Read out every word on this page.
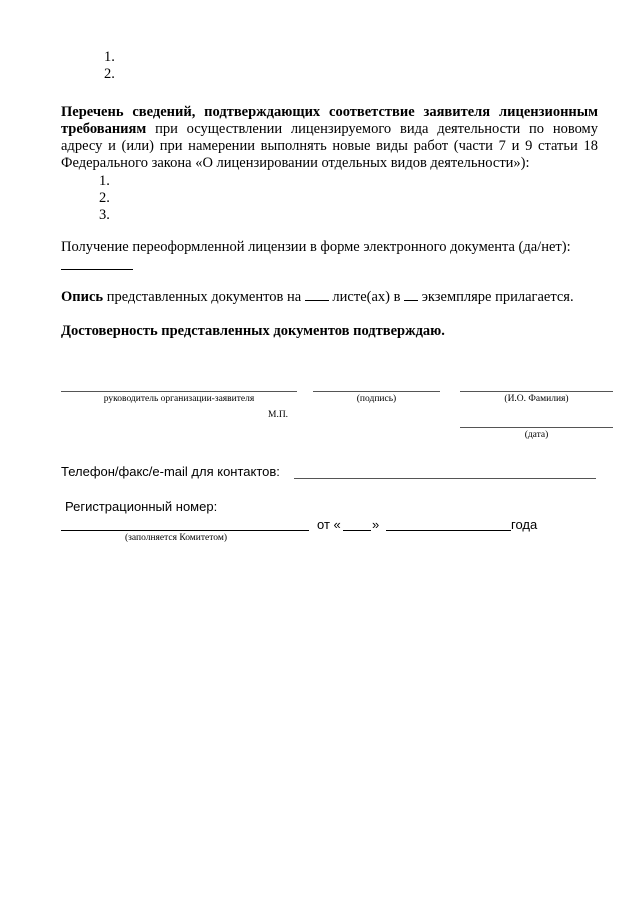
1.
2.
Перечень сведений, подтверждающих соответствие заявителя лицензионным требованиям при осуществлении лицензируемого вида деятельности по новому адресу и (или) при намерении выполнять новые виды работ (части 7 и 9 статьи 18 Федерального закона «О лицензировании отдельных видов деятельности»):
1.
2.
3.
Получение переоформленной лицензии в форме электронного документа (да/нет):
Опись представленных документов на  листе(ах) в  экземпляре прилагается.
Достоверность представленных документов подтверждаю.
руководитель организации-заявителя	(подпись)	(И.О. Фамилия)
М.П.
(дата)
Телефон/факс/e-mail для контактов:
Регистрационный номер:
от « »	года
(заполняется Комитетом)
